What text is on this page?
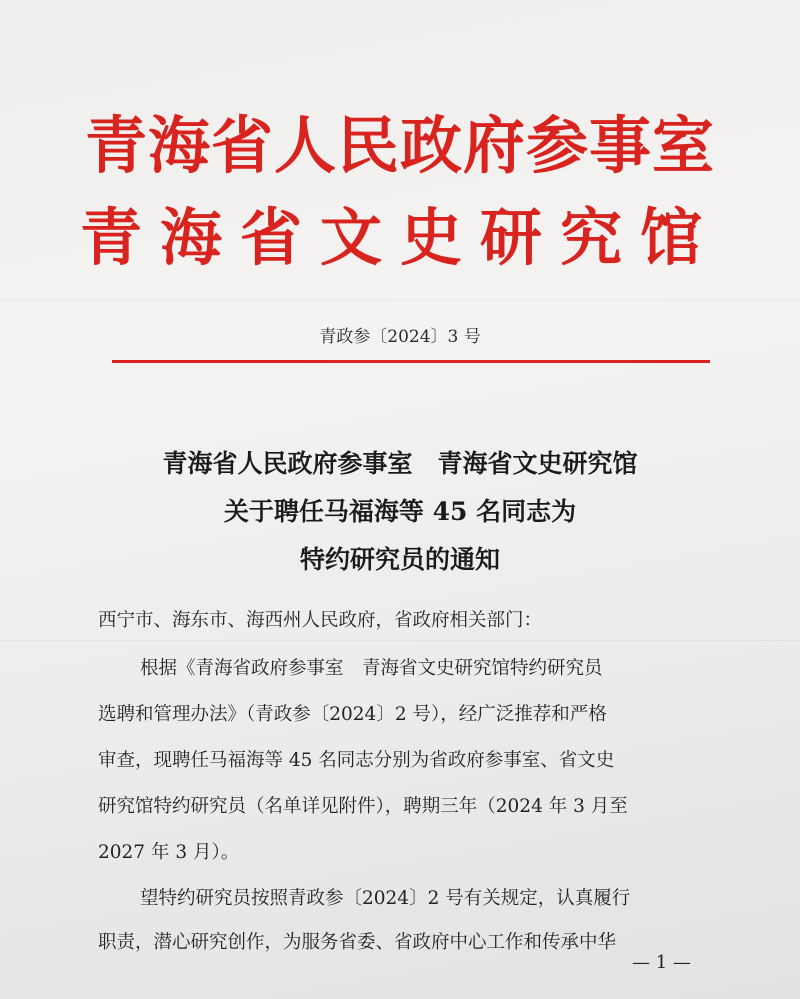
青海省人民政府参事室
青海省文史研究馆
青政参〔2024〕3 号
青海省人民政府参事室　青海省文史研究馆
关于聘任马福海等 45 名同志为
特约研究员的通知
西宁市、海东市、海西州人民政府，省政府相关部门：
根据《青海省政府参事室　青海省文史研究馆特约研究员
选聘和管理办法》（青政参〔2024〕2 号），经广泛推荐和严格
审查，现聘任马福海等 45 名同志分别为省政府参事室、省文史
研究馆特约研究员（名单详见附件），聘期三年（2024 年 3 月至
2027 年 3 月）。
望特约研究员按照青政参〔2024〕2 号有关规定，认真履行
职责，潜心研究创作，为服务省委、省政府中心工作和传承中华
— 1 —
